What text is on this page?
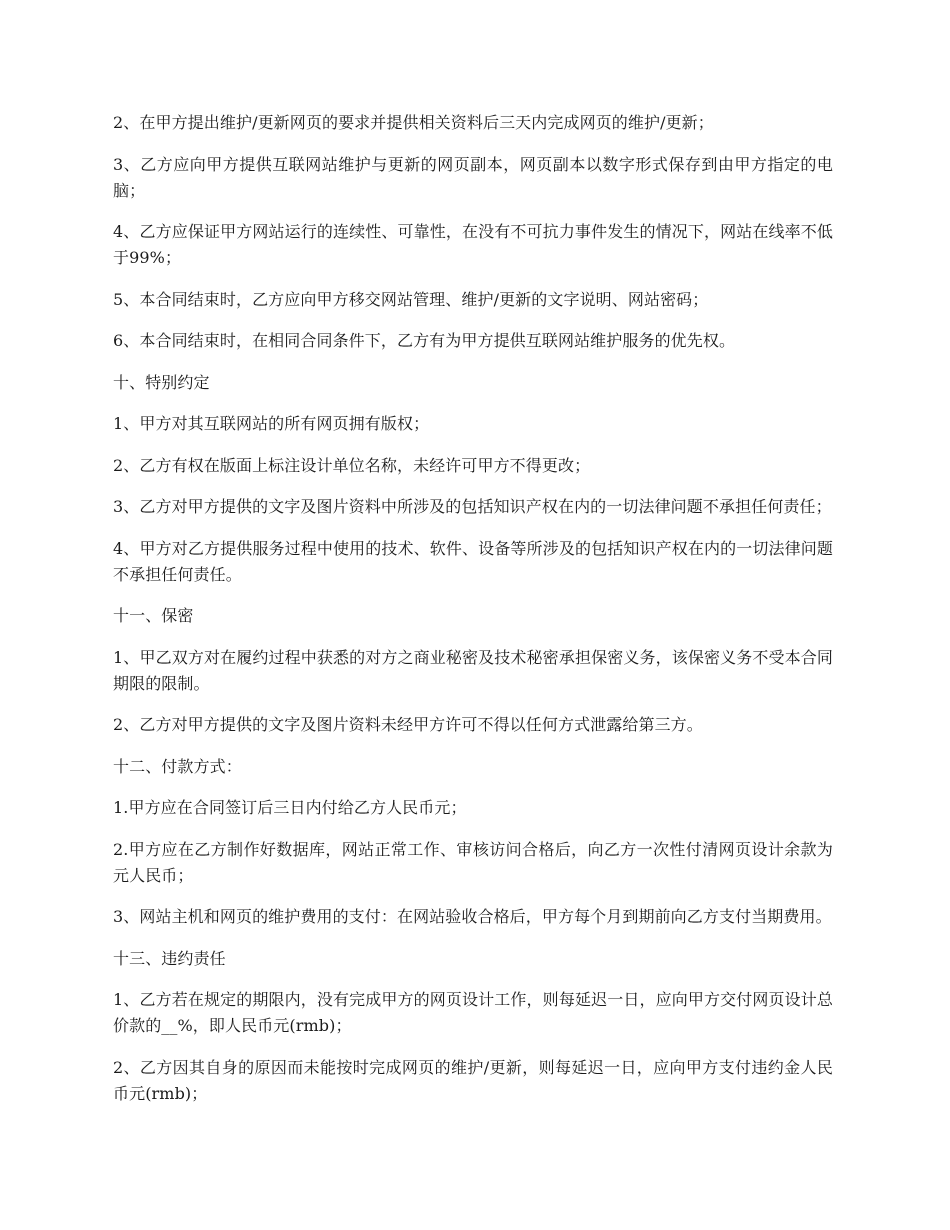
2、在甲方提出维护/更新网页的要求并提供相关资料后三天内完成网页的维护/更新；

3、乙方应向甲方提供互联网站维护与更新的网页副本，网页副本以数字形式保存到由甲方指定的电脑；

4、乙方应保证甲方网站运行的连续性、可靠性，在没有不可抗力事件发生的情况下，网站在线率不低于99%；

5、本合同结束时，乙方应向甲方移交网站管理、维护/更新的文字说明、网站密码；

6、本合同结束时，在相同合同条件下，乙方有为甲方提供互联网站维护服务的优先权。

十、特别约定

1、甲方对其互联网站的所有网页拥有版权；

2、乙方有权在版面上标注设计单位名称，未经许可甲方不得更改；

3、乙方对甲方提供的文字及图片资料中所涉及的包括知识产权在内的一切法律问题不承担任何责任；

4、甲方对乙方提供服务过程中使用的技术、软件、设备等所涉及的包括知识产权在内的一切法律问题不承担任何责任。

十一、保密

1、甲乙双方对在履约过程中获悉的对方之商业秘密及技术秘密承担保密义务，该保密义务不受本合同期限的限制。

2、乙方对甲方提供的文字及图片资料未经甲方许可不得以任何方式泄露给第三方。

十二、付款方式：

1.甲方应在合同签订后三日内付给乙方人民币元；

2.甲方应在乙方制作好数据库，网站正常工作、审核访问合格后，向乙方一次性付清网页设计余款为元人民币；

3、网站主机和网页的维护费用的支付：在网站验收合格后，甲方每个月到期前向乙方支付当期费用。

十三、违约责任

1、乙方若在规定的期限内，没有完成甲方的网页设计工作，则每延迟一日，应向甲方交付网页设计总价款的__%，即人民币元(rmb)；

2、乙方因其自身的原因而未能按时完成网页的维护/更新，则每延迟一日，应向甲方支付违约金人民币元(rmb)；
